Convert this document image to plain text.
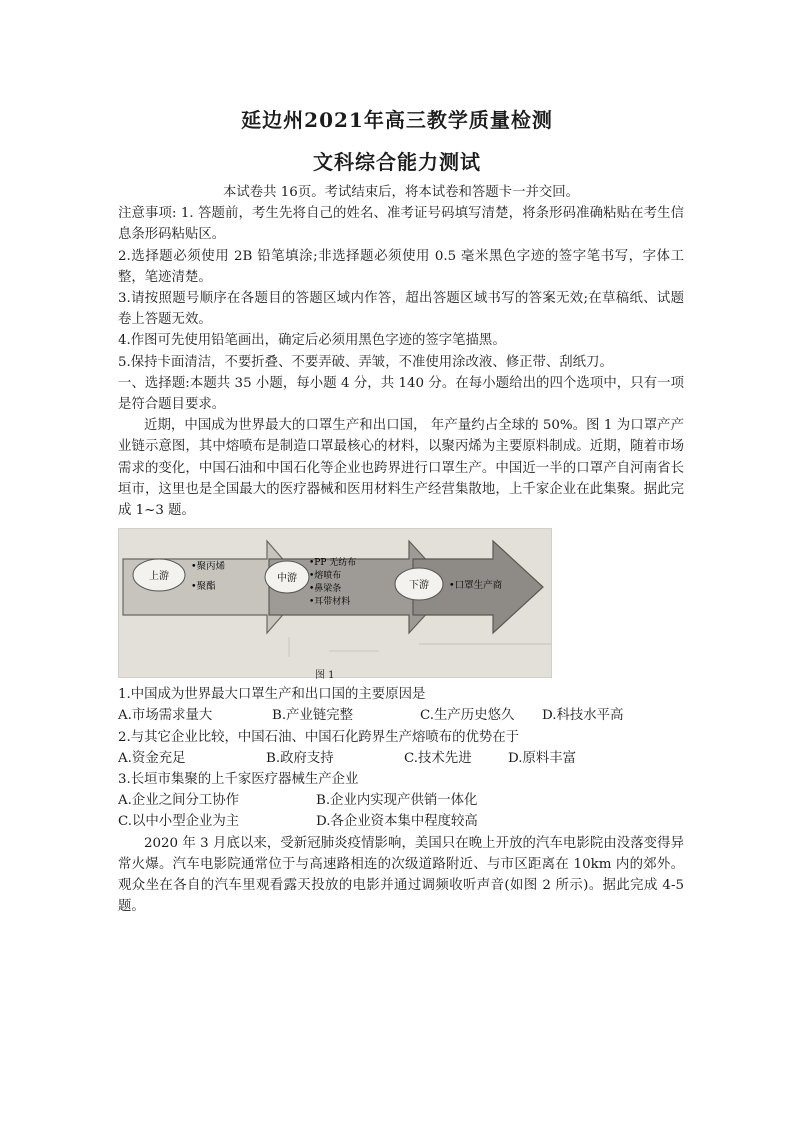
延边州2021年高三教学质量检测
文科综合能力测试

本试卷共 16页。考试结束后，将本试卷和答题卡一并交回。

注意事项: 1. 答题前，考生先将自己的姓名、准考证号码填写清楚，将条形码准确粘贴在考生信息条形码粘贴区。

2.选择题必须使用 2B 铅笔填涂;非选择题必须使用 0.5 毫米黑色字迹的签字笔书写，字体工整，笔迹清楚。

3.请按照题号顺序在各题目的答题区域内作答，超出答题区域书写的答案无效;在草稿纸、试题卷上答题无效。

4.作图可先使用铅笔画出，确定后必须用黑色字迹的签字笔描黑。

5.保持卡面清洁，不要折叠、不要弄破、弄皱，不准使用涂改液、修正带、刮纸刀。

一、选择题:本题共 35 小题，每小题 4 分，共 140 分。在每小题给出的四个选项中，只有一项是符合题目要求。

近期，中国成为世界最大的口罩生产和出口国， 年产量约占全球的 50%。图 1 为口罩产产业链示意图，其中熔喷布是制造口罩最核心的材料，以聚丙烯为主要原料制成。近期，随着市场需求的变化，中国石油和中国石化等企业也跨界进行口罩生产。中国近一半的口罩产自河南省长垣市，这里也是全国最大的医疗器械和医用材料生产经营集散地，上千家企业在此集聚。据此完成 1~3 题。

上游	中游
下游
•聚丙烯
•聚酯
•PP 无纺布
•熔喷布
•鼻梁条
•耳带材料
•口罩生产商
图 1

1.中国成为世界最大口罩生产和出口国的主要原因是

A.市场需求量大	B.产业链完整	C.生产历史悠久	D.科技水平高

2.与其它企业比较，中国石油、中国石化跨界生产熔喷布的优势在于

A.资金充足	B.政府支持	C.技术先进	D.原料丰富

3.长垣市集聚的上千家医疗器械生产企业

A.企业之间分工协作	B.企业内实现产供销一体化
C.以中小型企业为主	D.各企业资本集中程度较高

2020 年 3 月底以来，受新冠肺炎疫情影响，美国只在晚上开放的汽车电影院由没落变得异常火爆。汽车电影院通常位于与高速路相连的次级道路附近、与市区距离在 10km 内的郊外。观众坐在各自的汽车里观看露天投放的电影并通过调频收听声音(如图 2 所示)。据此完成 4-5 题。
